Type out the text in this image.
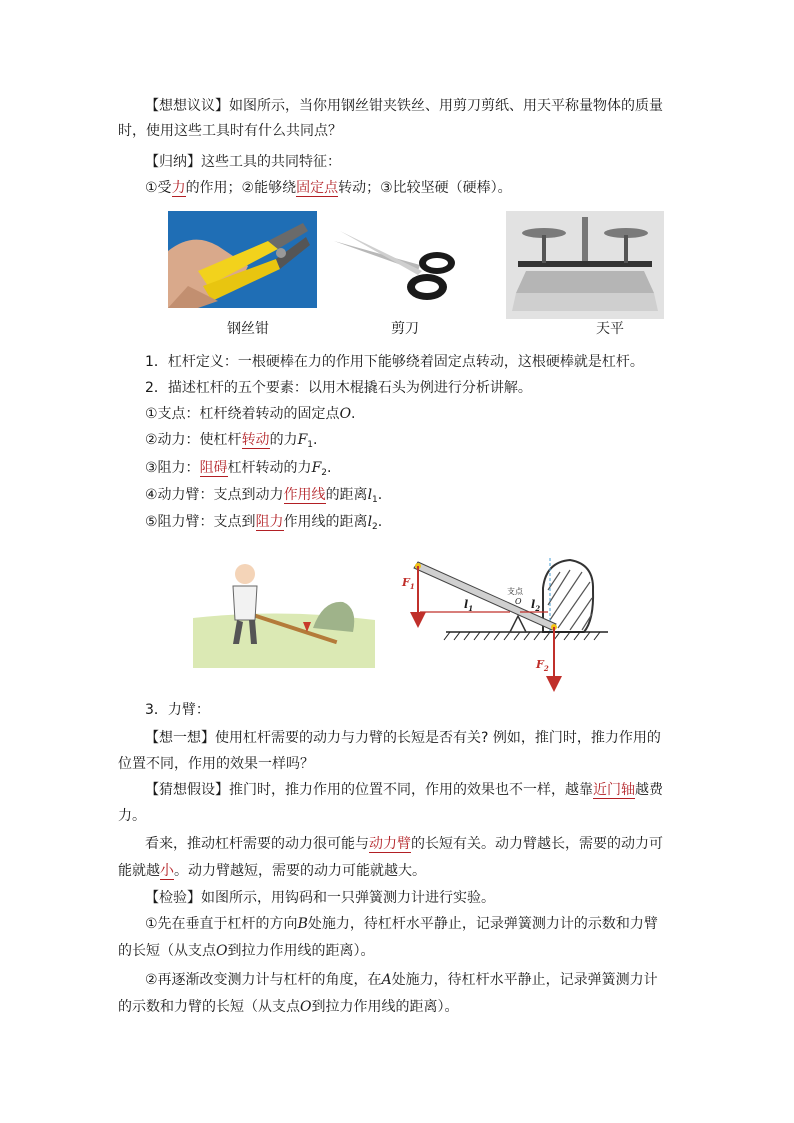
【想想议议】如图所示，当你用钢丝钳夹铁丝、用剪刀剪纸、用天平称量物体的质量
时，使用这些工具时有什么共同点？
【归纳】这些工具的共同特征：
①受力的作用；②能够绕固定点转动；③比较坚硬（硬棒）。
钢丝钳	剪刀	天平
1．杠杆定义：一根硬棒在力的作用下能够绕着固定点转动，这根硬棒就是杠杆。
2．描述杠杆的五个要素：以用木棍撬石头为例进行分析讲解。
①支点：杠杆绕着转动的固定点O.
②动力：使杠杆转动的力$F_1$.
③阻力：阻碍杠杆转动的力$F_2$.
④动力臂：支点到动力作用线的距离$l_1$.
⑤阻力臂：支点到阻力作用线的距离$l_2$.
$F_1$
$F_2$
$l_1$	$l_2$
O
支点
3．力臂：
【想一想】使用杠杆需要的动力与力臂的长短是否有关? 例如，推门时，推力作用的
位置不同，作用的效果一样吗？
【猜想假设】推门时，推力作用的位置不同，作用的效果也不一样，越靠近门轴越费
力。
看来，推动杠杆需要的动力很可能与动力臂的长短有关。动力臂越长，需要的动力可
能就越小。动力臂越短，需要的动力可能就越大。
【检验】如图所示，用钩码和一只弹簧测力计进行实验。
①先在垂直于杠杆的方向B处施力，待杠杆水平静止，记录弹簧测力计的示数和力臂
的长短（从支点O到拉力作用线的距离）。
②再逐渐改变测力计与杠杆的角度，在A处施力，待杠杆水平静止，记录弹簧测力计
的示数和力臂的长短（从支点O到拉力作用线的距离）。
